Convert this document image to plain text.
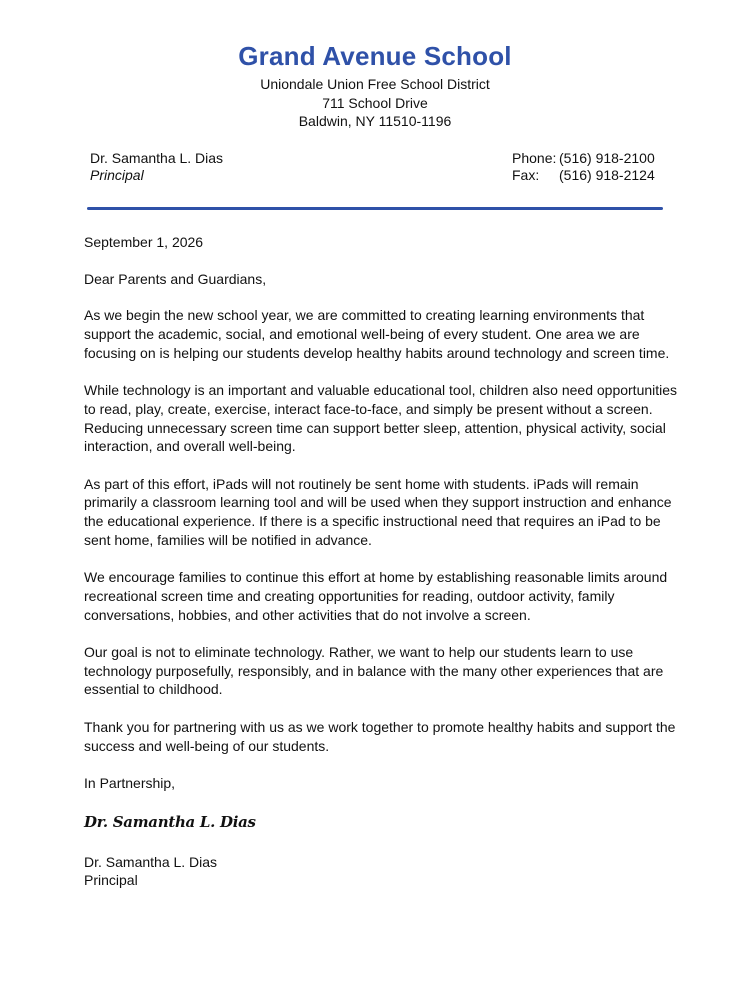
Grand Avenue School
Uniondale Union Free School District
711 School Drive
Baldwin, NY 11510-1196
Dr. Samantha L. Dias
Principal
Phone: (516) 918-2100
Fax:	(516) 918-2124
September 1, 2026
Dear Parents and Guardians,

As we begin the new school year, we are committed to creating learning environments that

support the academic, social, and emotional well-being of every student. One area we are

focusing on is helping our students develop healthy habits around technology and screen time.

While technology is an important and valuable educational tool, children also need opportunities

to read, play, create, exercise, interact face-to-face, and simply be present without a screen.

Reducing unnecessary screen time can support better sleep, attention, physical activity, social

interaction, and overall well-being.

As part of this effort, iPads will not routinely be sent home with students. iPads will remain

primarily a classroom learning tool and will be used when they support instruction and enhance

the educational experience. If there is a specific instructional need that requires an iPad to be

sent home, families will be notified in advance.

We encourage families to continue this effort at home by establishing reasonable limits around

recreational screen time and creating opportunities for reading, outdoor activity, family

conversations, hobbies, and other activities that do not involve a screen.

Our goal is not to eliminate technology. Rather, we want to help our students learn to use

technology purposefully, responsibly, and in balance with the many other experiences that are

essential to childhood.

Thank you for partnering with us as we work together to promote healthy habits and support the

success and well-being of our students.

In Partnership,
Dr. Samantha L. Dias
Dr. Samantha L. Dias
Principal
